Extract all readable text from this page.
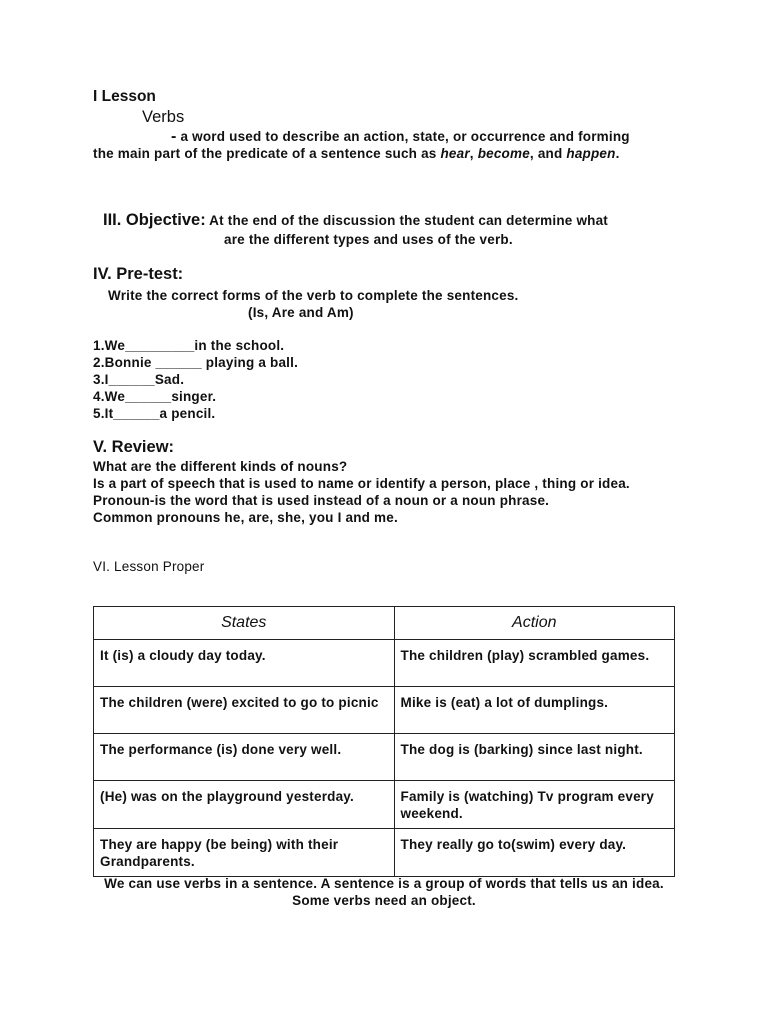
I Lesson
Verbs
- a word used to describe an action, state, or occurrence and forming the main part of the predicate of a sentence such as hear, become, and happen.
III. Objective: At the end of the discussion the student can determine what
are the different types and uses of the verb.
IV. Pre-test:
Write the correct forms of the verb to complete the sentences.
(Is, Are and Am)
1.We_________in the school.
2.Bonnie ______ playing a ball.
3.I______Sad.
4.We______singer.
5.It______a pencil.
V. Review:
What are the different kinds of nouns?
Is a part of speech that is used to name or identify a person, place , thing or idea.
Pronoun-is the word that is used instead of a noun or a noun phrase.
Common pronouns he, are, she, you I and me.
VI. Lesson Proper
States	Action
It (is) a cloudy day today.	The children (play) scrambled games.
The children (were) excited to go to picnic	Mike is (eat) a lot of dumplings.
The performance (is) done very well.	The dog is (barking) since last night.
(He) was on the playground yesterday.	Family is (watching) Tv program every weekend.
They are happy (be being) with their Grandparents.	They really go to(swim) every day.
We can use verbs in a sentence. A sentence is a group of words that tells us an idea.
Some verbs need an object.
